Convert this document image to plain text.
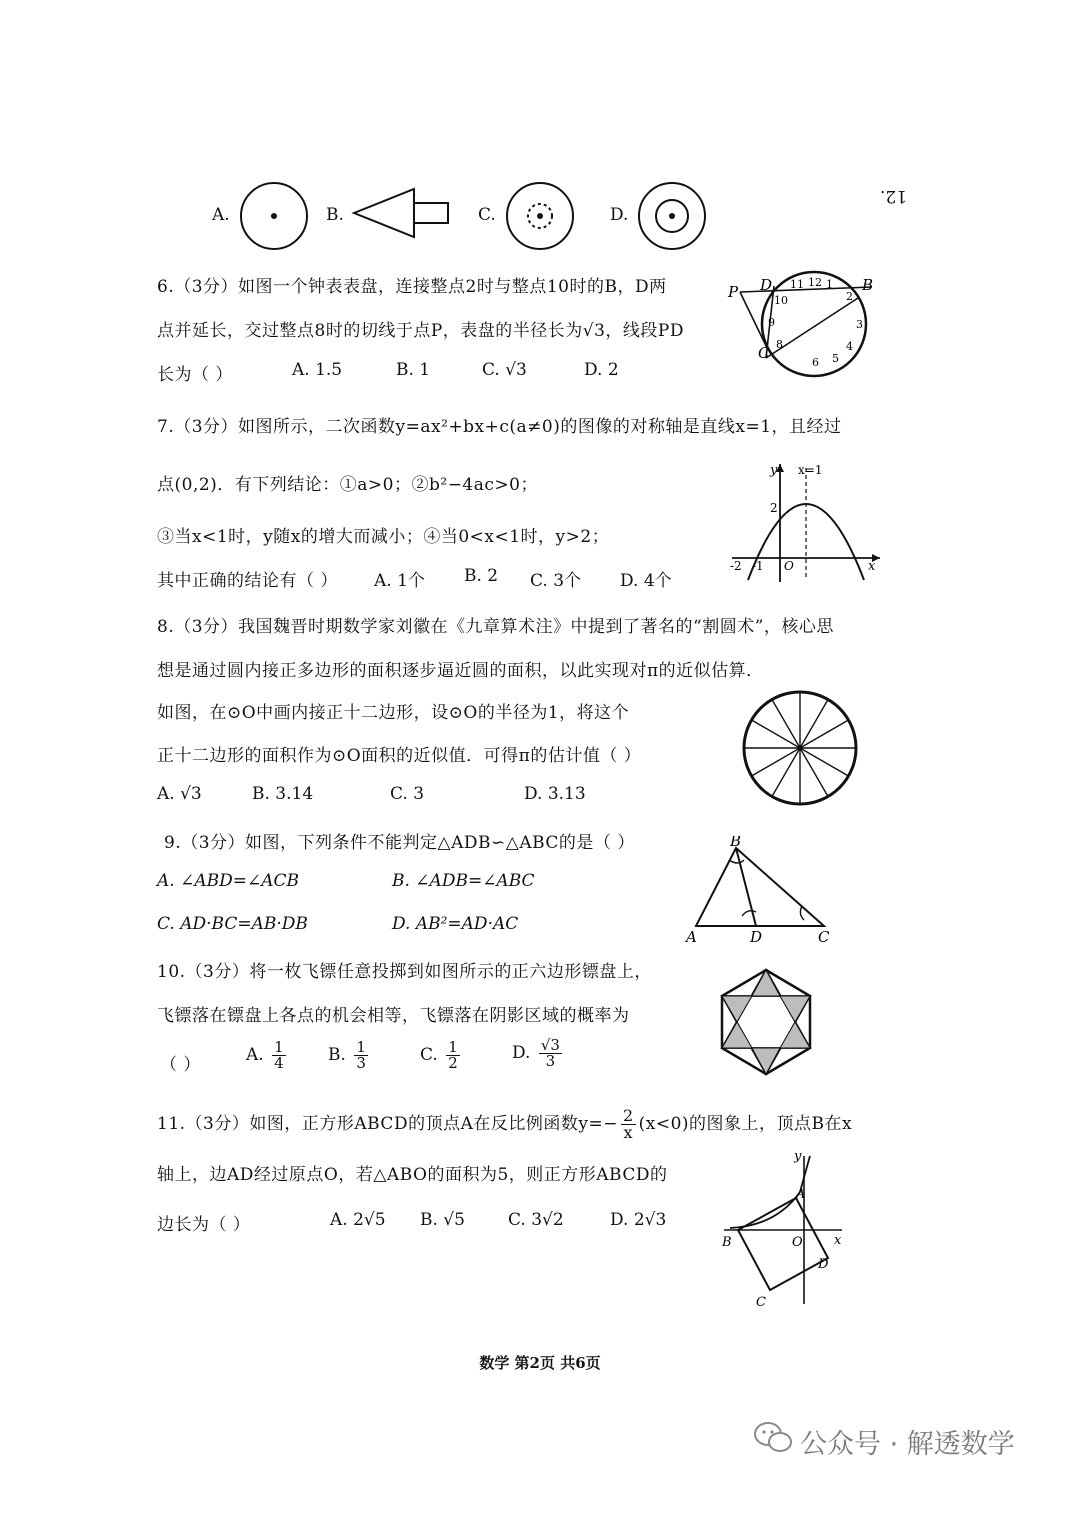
A.	B.	C.	D.
12.
6.（3分）如图一个钟表表盘，连接整点2时与整点10时的B，D两
点并延长，交过整点8时的切线于点P，表盘的半径长为√3，线段PD
长为（ ）	A. 1.5	B. 1	C. √3	D. 2
P D	B
C
12
11 1
10	2
3
4
5
6
8
9
7.（3分）如图所示，二次函数y=ax²+bx+c(a≠0)的图像的对称轴是直线x=1，且经过
点(0,2)．有下列结论：①a>0；②b²−4ac>0；
③当x<1时，y随x的增大而减小；④当0<x<1时，y>2；
其中正确的结论有（ ） A. 1个 B. 2 C. 3个 D. 4个
y x=1
2
O
-2 -1	x
8.（3分）我国魏晋时期数学家刘徽在《九章算术注》中提到了著名的“割圆术”，核心思
想是通过圆内接正多边形的面积逐步逼近圆的面积，以此实现对π的近似估算．
如图，在⊙O中画内接正十二边形，设⊙O的半径为1，将这个
正十二边形的面积作为⊙O面积的近似值．可得π的估计值（ ）
A. √3	B. 3.14	C. 3	D. 3.13
9.（3分）如图，下列条件不能判定△ADB∽△ABC的是（ ）
A. ∠ABD=∠ACB	B. ∠ADB=∠ABC
C. AD·BC=AB·DB	D. AB²=AD·AC
A
B
C
D
10.（3分）将一枚飞镖任意投掷到如图所示的正六边形镖盘上，
飞镖落在镖盘上各点的机会相等，飞镖落在阴影区域的概率为
（ ）	A. $\frac{1}{4} B$. $\frac{1}{3}$	C. $\frac{1}{2}$	D. $\frac{√3}{3}$
11.（3分）如图，正方形ABCD的顶点A在反比例函数$y=- \frac{2}{x} (x<0)$的图象上，顶点B在x
轴上，边AD经过原点O，若△ABO的面积为5，则正方形ABCD的
边长为（ ）	A. 2√5 B. √5	C. 3√2	D. 2√3
y
x
A
B
C
D
O
数学 第2页 共6页
公众号 · 解透数学
